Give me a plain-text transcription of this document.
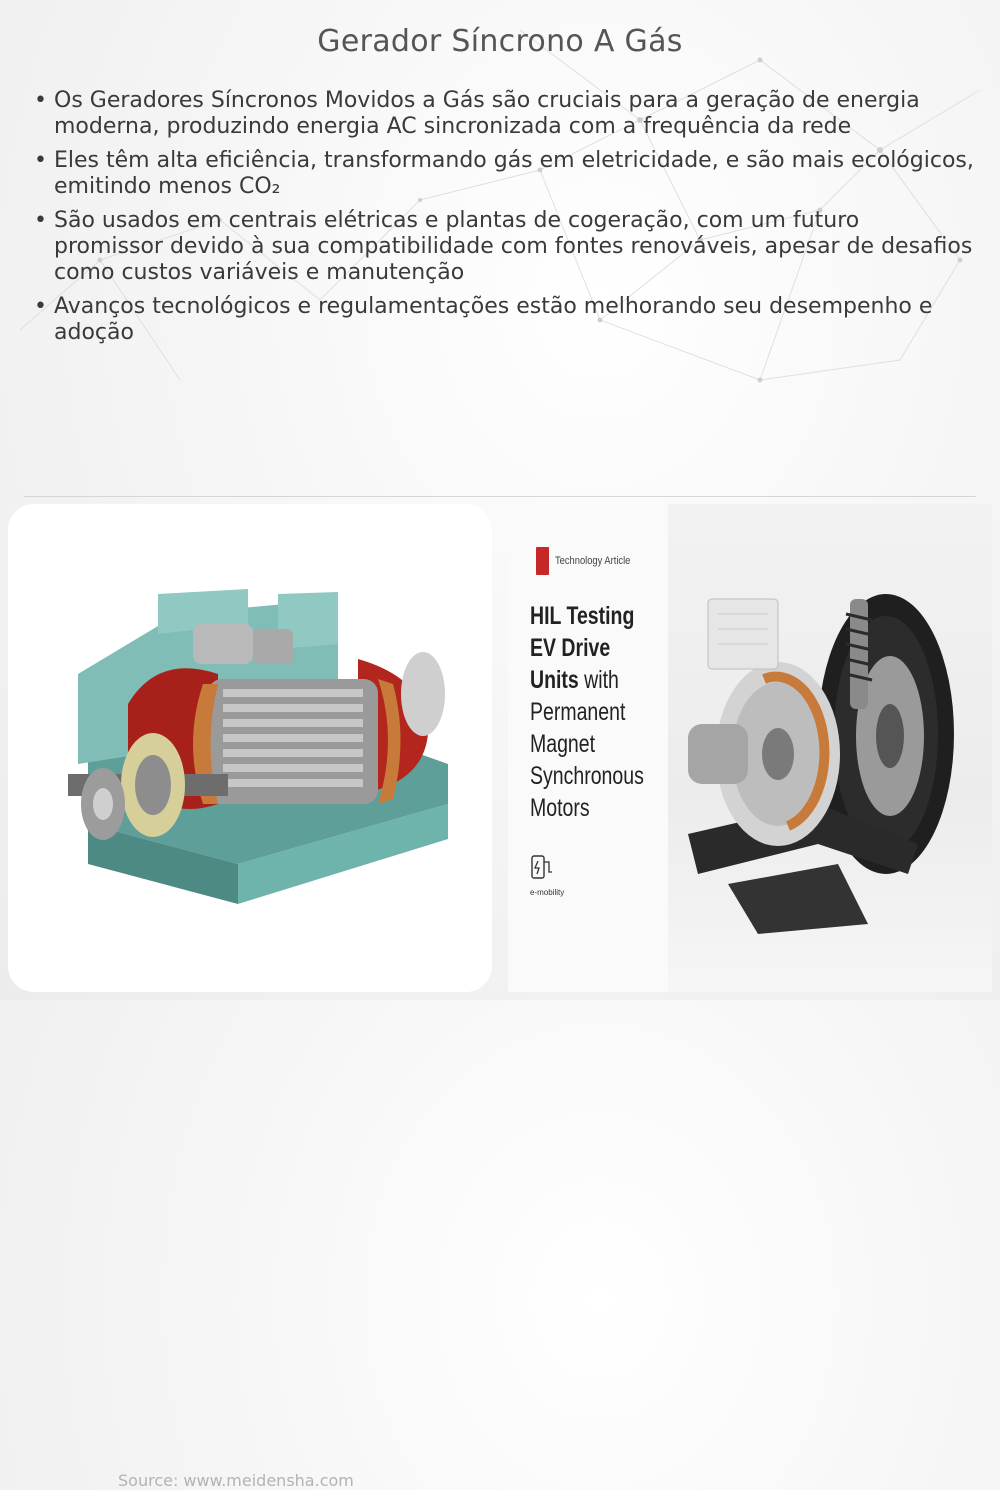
Gerador Síncrono A Gás
• Os Geradores Síncronos Movidos a Gás são cruciais para a geração de energia moderna, produzindo energia AC sincronizada com a frequência da rede
• Eles têm alta eficiência, transformando gás em eletricidade, e são mais ecológicos, emitindo menos CO₂
• São usados em centrais elétricas e plantas de cogeração, com um futuro promissor devido à sua compatibilidade com fontes renováveis, apesar de desafios como custos variáveis e manutenção
• Avanços tecnológicos e regulamentações estão melhorando seu desempenho e adoção
Source: www.meidensha.com
Technology Article
HIL Testing
EV Drive
Units with
Permanent
Magnet
Synchronous
Motors
e-mobility
